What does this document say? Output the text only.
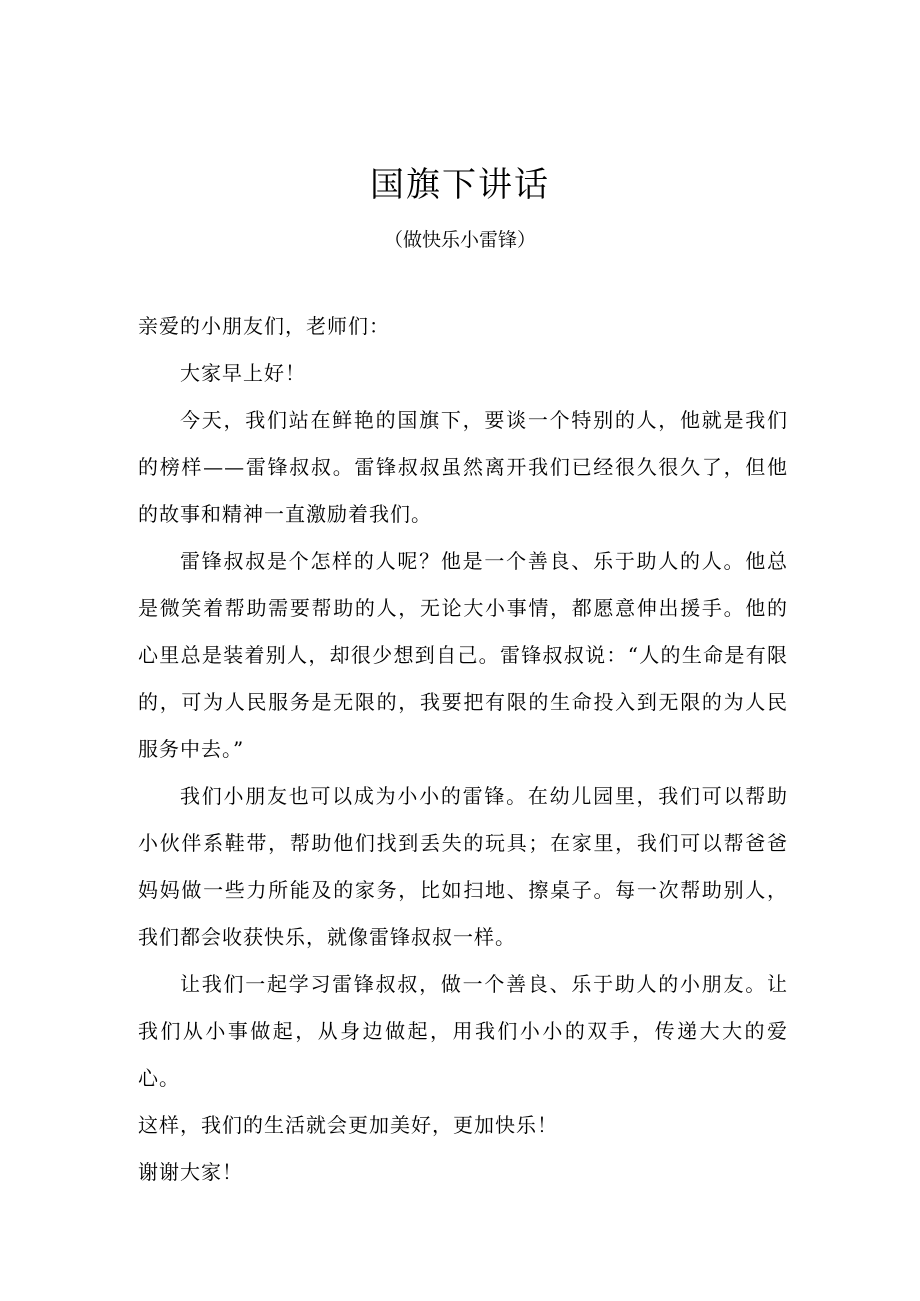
国旗下讲话
（做快乐小雷锋）

亲爱的小朋友们，老师们：

大家早上好！

今天，我们站在鲜艳的国旗下，要谈一个特别的人，他就是我们的榜样——雷锋叔叔。雷锋叔叔虽然离开我们已经很久很久了，但他的故事和精神一直激励着我们。

雷锋叔叔是个怎样的人呢？他是一个善良、乐于助人的人。他总是微笑着帮助需要帮助的人，无论大小事情，都愿意伸出援手。他的心里总是装着别人，却很少想到自己。雷锋叔叔说：“人的生命是有限的，可为人民服务是无限的，我要把有限的生命投入到无限的为人民服务中去。”

我们小朋友也可以成为小小的雷锋。在幼儿园里，我们可以帮助小伙伴系鞋带，帮助他们找到丢失的玩具；在家里，我们可以帮爸爸妈妈做一些力所能及的家务，比如扫地、擦桌子。每一次帮助别人，我们都会收获快乐，就像雷锋叔叔一样。

让我们一起学习雷锋叔叔，做一个善良、乐于助人的小朋友。让我们从小事做起，从身边做起，用我们小小的双手，传递大大的爱心。

这样，我们的生活就会更加美好，更加快乐！

谢谢大家！
